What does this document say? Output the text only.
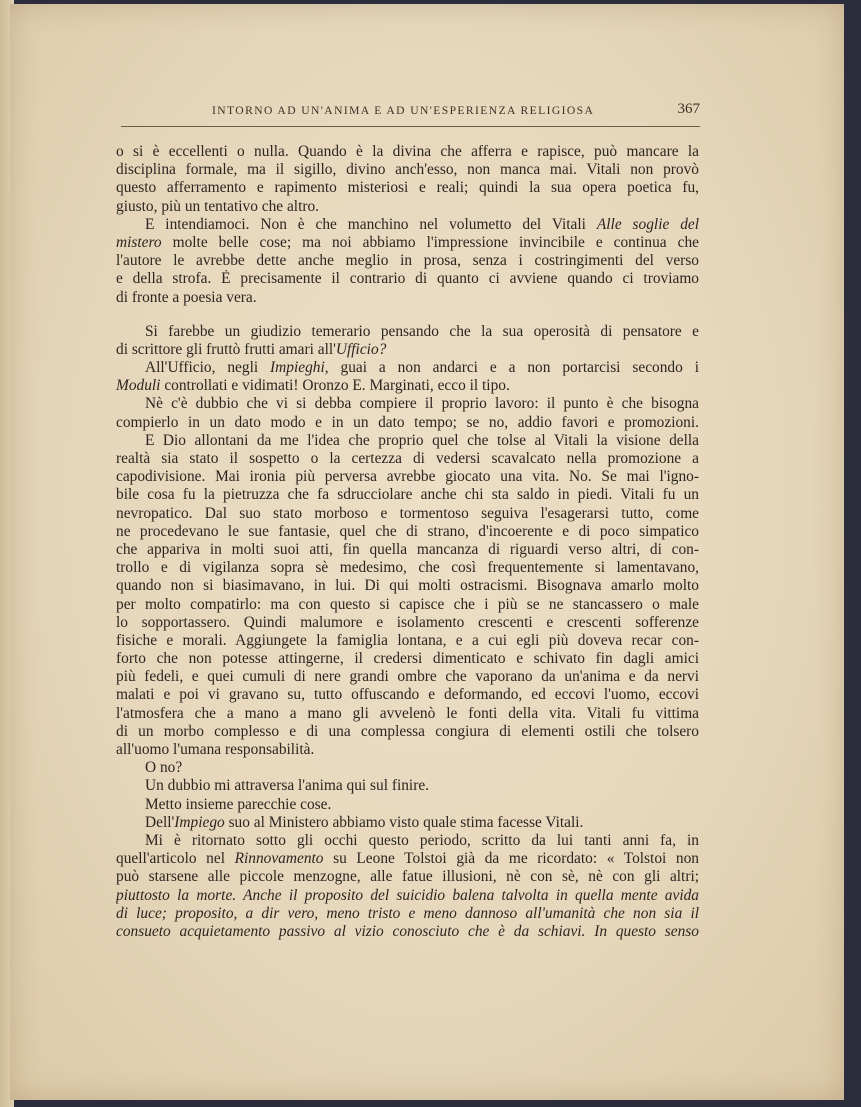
INTORNO AD UN'ANIMA E AD UN'ESPERIENZA RELIGIOSA	367
o si è eccellenti o nulla. Quando è la divina che afferra e rapisce, può mancare la
disciplina formale, ma il sigillo, divino anch'esso, non manca mai. Vitali non provò
questo afferramento e rapimento misteriosi e reali; quindi la sua opera poetica fu,
giusto, più un tentativo che altro.
E intendiamoci. Non è che manchino nel volumetto del Vitali Alle soglie del
mistero molte belle cose; ma noi abbiamo l'impressione invincibile e continua che
l'autore le avrebbe dette anche meglio in prosa, senza i costringimenti del verso
e della strofa. È precisamente il contrario di quanto ci avviene quando ci troviamo
di fronte a poesia vera.
Si farebbe un giudizio temerario pensando che la sua operosità di pensatore e
di scrittore gli fruttò frutti amari all'Ufficio?
All'Ufficio, negli Impieghi, guai a non andarci e a non portarcisi secondo i
Moduli controllati e vidimati! Oronzo E. Marginati, ecco il tipo.
Nè c'è dubbio che vi si debba compiere il proprio lavoro: il punto è che bisogna
compierlo in un dato modo e in un dato tempo; se no, addio favori e promozioni.
E Dio allontani da me l'idea che proprio quel che tolse al Vitali la visione della
realtà sia stato il sospetto o la certezza di vedersi scavalcato nella promozione a
capodivisione. Mai ironia più perversa avrebbe giocato una vita. No. Se mai l'igno-
bile cosa fu la pietruzza che fa sdrucciolare anche chi sta saldo in piedi. Vitali fu un
nevropatico. Dal suo stato morboso e tormentoso seguiva l'esagerarsi tutto, come
ne procedevano le sue fantasie, quel che di strano, d'incoerente e di poco simpatico
che appariva in molti suoi atti, fin quella mancanza di riguardi verso altri, di con-
trollo e di vigilanza sopra sè medesimo, che così frequentemente si lamentavano,
quando non si biasimavano, in lui. Di qui molti ostracismi. Bisognava amarlo molto
per molto compatirlo: ma con questo si capisce che i più se ne stancassero o male
lo sopportassero. Quindi malumore e isolamento crescenti e crescenti sofferenze
fisiche e morali. Aggiungete la famiglia lontana, e a cui egli più doveva recar con-
forto che non potesse attingerne, il credersi dimenticato e schivato fin dagli amici
più fedeli, e quei cumuli di nere grandi ombre che vaporano da un'anima e da nervi
malati e poi vi gravano su, tutto offuscando e deformando, ed eccovi l'uomo, eccovi
l'atmosfera che a mano a mano gli avvelenò le fonti della vita. Vitali fu vittima
di un morbo complesso e di una complessa congiura di elementi ostili che tolsero
all'uomo l'umana responsabilità.
O no?
Un dubbio mi attraversa l'anima qui sul finire.
Metto insieme parecchie cose.
Dell'Impiego suo al Ministero abbiamo visto quale stima facesse Vitali.
Mi è ritornato sotto gli occhi questo periodo, scritto da lui tanti anni fa, in
quell'articolo nel Rinnovamento su Leone Tolstoi già da me ricordato: « Tolstoi non
può starsene alle piccole menzogne, alle fatue illusioni, nè con sè, nè con gli altri;
piuttosto la morte. Anche il proposito del suicidio balena talvolta in quella mente avida
di luce; proposito, a dir vero, meno tristo e meno dannoso all'umanità che non sia il
consueto acquietamento passivo al vizio conosciuto che è da schiavi. In questo senso
